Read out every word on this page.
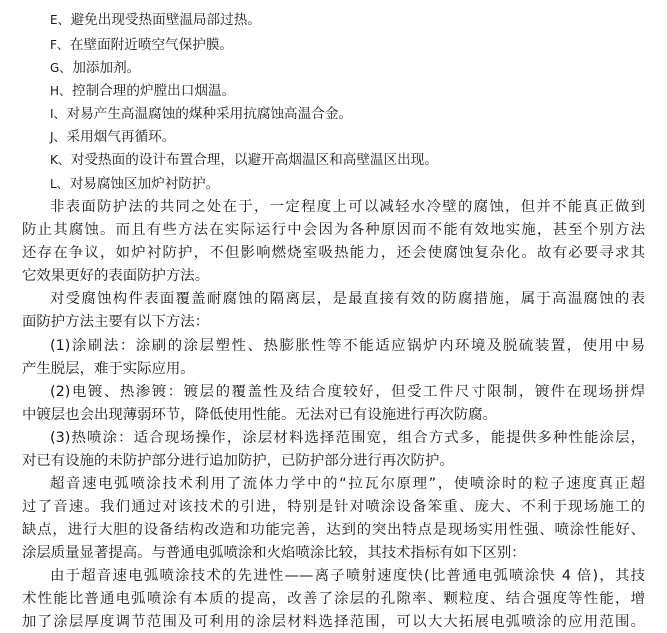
E、避免出现受热面壁温局部过热。
F、在壁面附近喷空气保护膜。
G、加添加剂。
H、控制合理的炉膛出口烟温。
I、对易产生高温腐蚀的煤种采用抗腐蚀高温合金。
J、采用烟气再循环。
K、对受热面的设计布置合理，以避开高烟温区和高壁温区出现。
L、对易腐蚀区加炉衬防护。
非表面防护法的共同之处在于，一定程度上可以减轻水冷壁的腐蚀，但并不能真正做到
防止其腐蚀。而且有些方法在实际运行中会因为各种原因而不能有效地实施，甚至个别方法
还存在争议，如炉衬防护，不但影响燃烧室吸热能力，还会使腐蚀复杂化。故有必要寻求其
它效果更好的表面防护方法。
对受腐蚀构件表面覆盖耐腐蚀的隔离层，是最直接有效的防腐措施，属于高温腐蚀的表
面防护方法主要有以下方法：
(1)涂刷法：涂刷的涂层塑性、热膨胀性等不能适应锅炉内环境及脱硫装置，使用中易
产生脱层，难于实际应用。
(2)电镀、热渗镀：镀层的覆盖性及结合度较好，但受工件尺寸限制，镀件在现场拼焊
中镀层也会出现薄弱环节，降低使用性能。无法对已有设施进行再次防腐。
(3)热喷涂：适合现场操作，涂层材料选择范围宽，组合方式多，能提供多种性能涂层，
对已有设施的未防护部分进行追加防护，已防护部分进行再次防护。
超音速电弧喷涂技术利用了流体力学中的“拉瓦尔原理”，使喷涂时的粒子速度真正超
过了音速。我们通过对该技术的引进，特别是针对喷涂设备笨重、庞大、不利于现场施工的
缺点，进行大胆的设备结构改造和功能完善，达到的突出特点是现场实用性强、喷涂性能好、
涂层质量显著提高。与普通电弧喷涂和火焰喷涂比较，其技术指标有如下区别：
由于超音速电弧喷涂技术的先进性——离子喷射速度快(比普通电弧喷涂快 4 倍)，其技
术性能比普通电弧喷涂有本质的提高，改善了涂层的孔隙率、颗粒度、结合强度等性能，增
加了涂层厚度调节范围及可利用的涂层材料选择范围，可以大大拓展电弧喷涂的应用范围。
